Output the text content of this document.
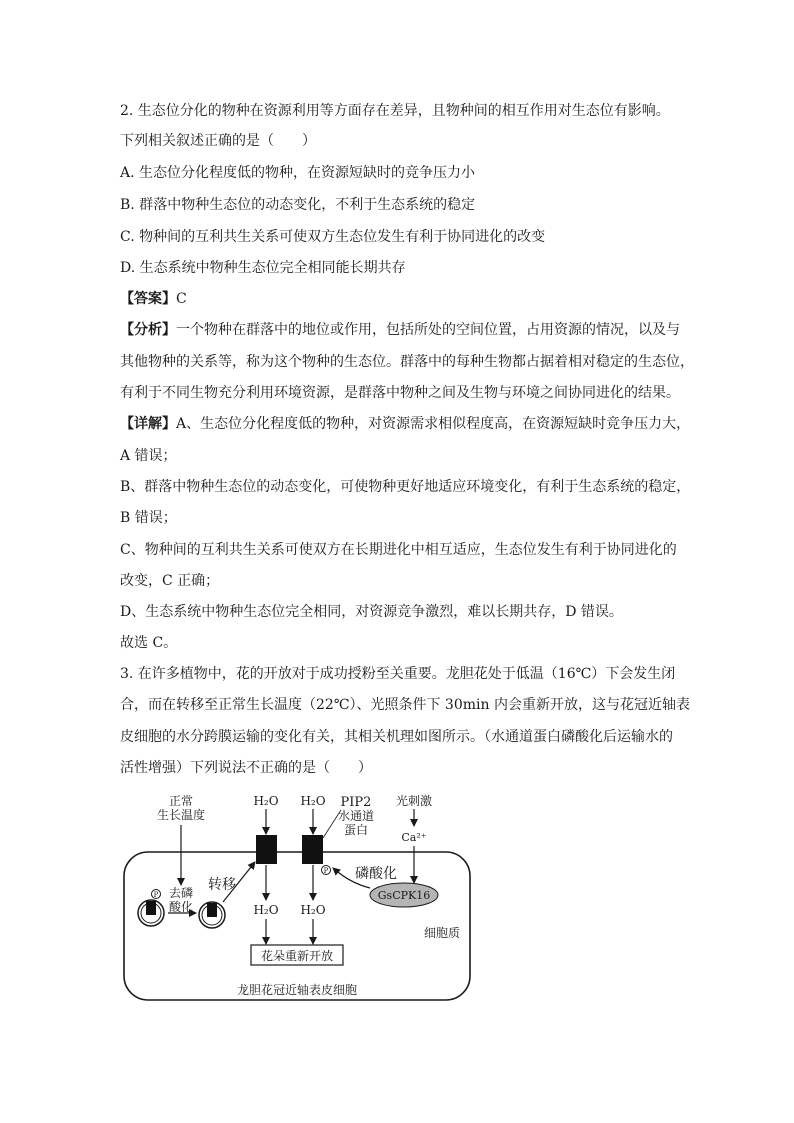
2. 生态位分化的物种在资源利用等方面存在差异，且物种间的相互作用对生态位有影响。
下列相关叙述正确的是（　　）
A. 生态位分化程度低的物种，在资源短缺时的竞争压力小
B. 群落中物种生态位的动态变化，不利于生态系统的稳定
C. 物种间的互利共生关系可使双方生态位发生有利于协同进化的改变
D. 生态系统中物种生态位完全相同能长期共存
【答案】C
【分析】一个物种在群落中的地位或作用，包括所处的空间位置，占用资源的情况，以及与
其他物种的关系等，称为这个物种的生态位。群落中的每种生物都占据着相对稳定的生态位，
有利于不同生物充分利用环境资源，是群落中物种之间及生物与环境之间协同进化的结果。
【详解】A、生态位分化程度低的物种，对资源需求相似程度高，在资源短缺时竞争压力大，
A 错误；
B、群落中物种生态位的动态变化，可使物种更好地适应环境变化，有利于生态系统的稳定，
B 错误；
C、物种间的互利共生关系可使双方在长期进化中相互适应，生态位发生有利于协同进化的
改变，C 正确；
D、生态系统中物种生态位完全相同，对资源竞争激烈，难以长期共存，D 错误。
故选 C。
3. 在许多植物中，花的开放对于成功授粉至关重要。龙胆花处于低温（16℃）下会发生闭
合，而在转移至正常生长温度（22℃）、光照条件下 30min 内会重新开放，这与花冠近轴表
皮细胞的水分跨膜运输的变化有关，其相关机理如图所示。（水通道蛋白磷酸化后运输水的
活性增强）下列说法不正确的是（　　）
正常
生长温度
P 去磷
酸化
转移
H₂O
H₂O
H₂O
P
H₂O
PIP2
水通道
蛋白
光刺激
Ca²⁺
GsCPK16
磷酸化
细胞质
花朵重新开放
龙胆花冠近轴表皮细胞
